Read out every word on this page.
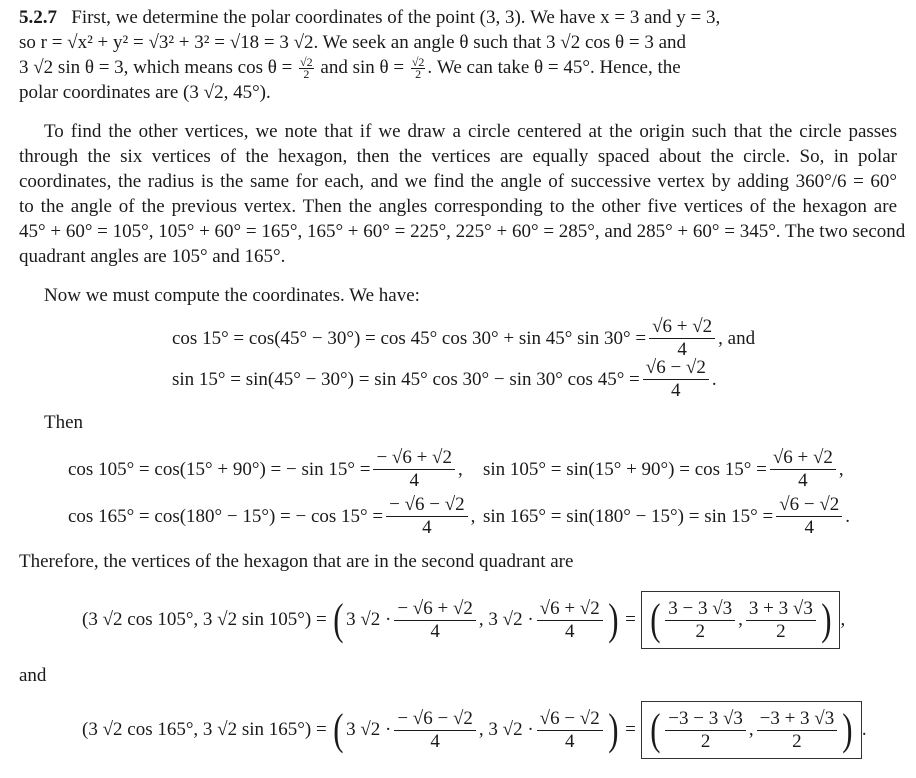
5.2.7 First, we determine the polar coordinates of the point (3, 3). We have x = 3 and y = 3,
so r = √x² + y² = √3² + 3² = √18 = 3 √2. We seek an angle θ such that 3 √2 cos θ = 3 and
3 √2 sin θ = 3, which means $\cos \theta = \frac{√2}{2}$ and $\sin \theta = \frac{√2}{2}$ . We can take θ = 45°. Hence, the
polar coordinates are (3 √2, 45°).
To find the other vertices, we note that if we draw a circle centered at the origin such that the circle passes
through the six vertices of the hexagon, then the vertices are equally spaced about the circle. So, in polar
coordinates, the radius is the same for each, and we find the angle of successive vertex by adding 360°/6 = 60°
to the angle of the previous vertex. Then the angles corresponding to the other five vertices of the hexagon are
45° + 60° = 105°, 105° + 60° = 165°, 165° + 60° = 225°, 225° + 60° = 285°, and 285° + 60° = 345°. The two second
quadrant angles are 105° and 165°.
Now we must compute the coordinates. We have:
cos 15° = cos(45° − 30°) = cos 45° cos 30° + sin 45° $\sin 30^\circ = \frac{√6 + √2}{4}$ , and
sin 15° = sin(45° − 30°) = sin 45° cos 30° − sin 30° $\cos 45^\circ = \frac{√6 - √2}{4}$ .
Then
cos 105° = cos(15° + 90°) = − $\sin 15^\circ = \frac{- √6 + √2}{4}$ , $\sin 105^\circ = \sin(15^\circ + 90^\circ) = \cos 15^\circ = \frac{√6 + √2}{4}$ ,
cos 165° = cos(180° − 15°) = − $\cos 15^\circ = \frac{- √6 - √2}{4}$ , $\sin 165^\circ = \sin(180^\circ - 15^\circ) = \sin 15^\circ = \frac{√6 - √2}{4}$ .
Therefore, the vertices of the hexagon that are in the second quadrant are
(3 √2 cos 105°, 3 √2 sin 105°) =
( 3 $√2 \cdot \frac{- √6 + √2}{4}$ , 3 $√2 \cdot \frac{√6 + √2}{4}$ )
=
( $\frac{3 - 3 √3}{2}$ , $\frac{3 + 3 √3}{2}$ ) ,
and
(3 √2 cos 165°, 3 √2 sin 165°) =
( 3 $√2 \cdot \frac{- √6 - √2}{4}$ , 3 $√2 \cdot \frac{√6 - √2}{4}$ )
=
( $\frac{-3 - 3 √3}{2}$ , $\frac{-3 + 3 √3}{2}$ ) .
